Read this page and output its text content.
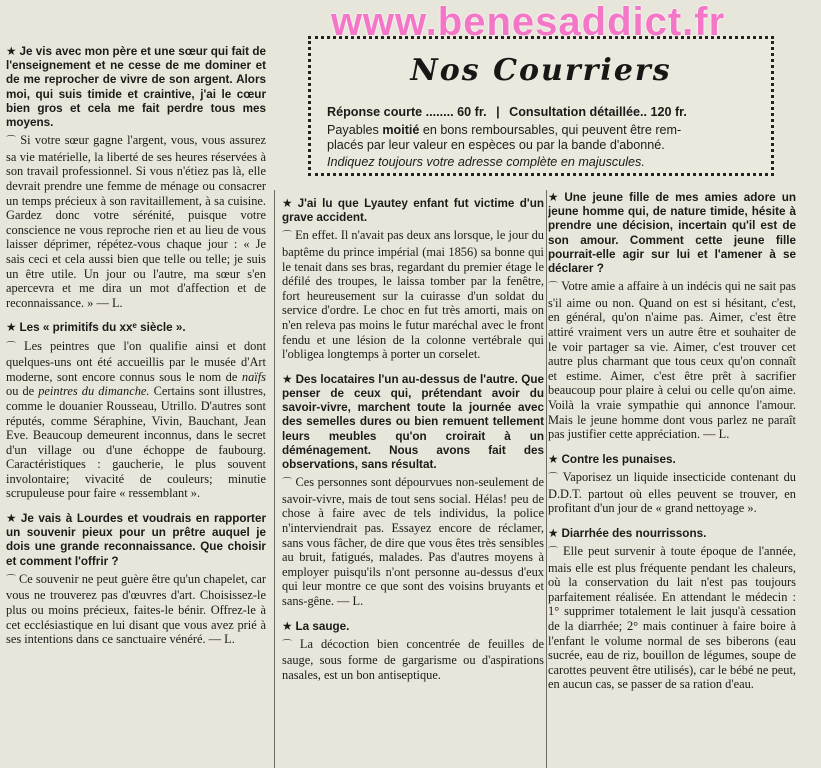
www.benesaddict.fr

★ Je vis avec mon père et une sœur qui fait de l'enseignement et ne cesse de me dominer et de me reprocher de vivre de son argent. Alors moi, qui suis timide et craintive, j'ai le cœur bien gros et cela me fait perdre tous mes moyens.

⌒ Si votre sœur gagne l'argent, vous, vous assurez sa vie matérielle, la liberté de ses heures réservées à son travail professionnel. Si vous n'étiez pas là, elle devrait prendre une femme de ménage ou consacrer un temps précieux à son ravitaillement, à sa cuisine. Gardez donc votre sérénité, puisque votre conscience ne vous reproche rien et au lieu de vous laisser déprimer, répétez-vous chaque jour : « Je sais ceci et cela aussi bien que telle ou telle; je suis un être utile. Un jour ou l'autre, ma sœur s'en apercevra et me dira un mot d'affection et de reconnaissance. » — L.

★ Les « primitifs du xxᵉ siècle ».

⌒ Les peintres que l'on qualifie ainsi et dont quelques-uns ont été accueillis par le musée d'Art moderne, sont encore connus sous le nom de naïfs ou de peintres du dimanche. Certains sont illustres, comme le douanier Rousseau, Utrillo. D'autres sont réputés, comme Séraphine, Vivin, Bauchant, Jean Eve. Beaucoup demeurent inconnus, dans le secret d'un village ou d'une échoppe de faubourg. Caractéristiques : gaucherie, le plus souvent involontaire; vivacité de couleurs; minutie scrupuleuse pour faire « ressemblant ».

★ Je vais à Lourdes et voudrais en rapporter un souvenir pieux pour un prêtre auquel je dois une grande reconnaissance. Que choisir et comment l'offrir ?

⌒ Ce souvenir ne peut guère être qu'un chapelet, car vous ne trouverez pas d'œuvres d'art. Choisissez-le plus ou moins précieux, faites-le bénir. Offrez-le à cet ecclésiastique en lui disant que vous avez prié à ses intentions dans ce sanctuaire vénéré. — L.

Nos Courriers
Réponse courte ........ 60 fr. | Consultation détaillée.. 120 fr.
Payables moitié en bons remboursables, qui peuvent être rem-
placés par leur valeur en espèces ou par la bande d'abonné.
Indiquez toujours votre adresse complète en majuscules.

★ J'ai lu que Lyautey enfant fut victime d'un grave accident.

⌒ En effet. Il n'avait pas deux ans lorsque, le jour du baptême du prince impérial (mai 1856) sa bonne qui le tenait dans ses bras, regardant du premier étage le défilé des troupes, le laissa tomber par la fenêtre, fort heureusement sur la cuirasse d'un soldat du service d'ordre. Le choc en fut très amorti, mais on n'en releva pas moins le futur maréchal avec le front fendu et une lésion de la colonne vertébrale qui l'obligea longtemps à porter un corselet.

★ Des locataires l'un au-dessus de l'autre. Que penser de ceux qui, prétendant avoir du savoir-vivre, marchent toute la journée avec des semelles dures ou bien remuent tellement leurs meubles qu'on croirait à un déménagement. Nous avons fait des observations, sans résultat.

⌒ Ces personnes sont dépourvues non-seulement de savoir-vivre, mais de tout sens social. Hélas! peu de chose à faire avec de tels individus, la police n'interviendrait pas. Essayez encore de réclamer, sans vous fâcher, de dire que vous êtes très sensibles au bruit, fatigués, malades. Pas d'autres moyens à employer puisqu'ils n'ont personne au-dessus d'eux qui leur montre ce que sont des voisins bruyants et sans-gêne. — L.

★ La sauge.

⌒ La décoction bien concentrée de feuilles de sauge, sous forme de gargarisme ou d'aspirations nasales, est un bon antiseptique.

★ Une jeune fille de mes amies adore un jeune homme qui, de nature timide, hésite à prendre une décision, incertain qu'il est de son amour. Comment cette jeune fille pourrait-elle agir sur lui et l'amener à se déclarer ?

⌒ Votre amie a affaire à un indécis qui ne sait pas s'il aime ou non. Quand on est si hésitant, c'est, en général, qu'on n'aime pas. Aimer, c'est être attiré vraiment vers un autre être et souhaiter de le voir partager sa vie. Aimer, c'est trouver cet autre plus charmant que tous ceux qu'on connaît et estime. Aimer, c'est être prêt à sacrifier beaucoup pour plaire à celui ou celle qu'on aime. Voilà la vraie sympathie qui annonce l'amour. Mais le jeune homme dont vous parlez ne paraît pas justifier cette appréciation. — L.

★ Contre les punaises.

⌒ Vaporisez un liquide insecticide contenant du D.D.T. partout où elles peuvent se trouver, en profitant d'un jour de « grand nettoyage ».

★ Diarrhée des nourrissons.

⌒ Elle peut survenir à toute époque de l'année, mais elle est plus fréquente pendant les chaleurs, où la conservation du lait n'est pas toujours parfaitement réalisée. En attendant le médecin : 1° supprimer totalement le lait jusqu'à cessation de la diarrhée; 2° mais continuer à faire boire à l'enfant le volume normal de ses biberons (eau sucrée, eau de riz, bouillon de légumes, soupe de carottes peuvent être utilisés), car le bébé ne peut, en aucun cas, se passer de sa ration d'eau.
